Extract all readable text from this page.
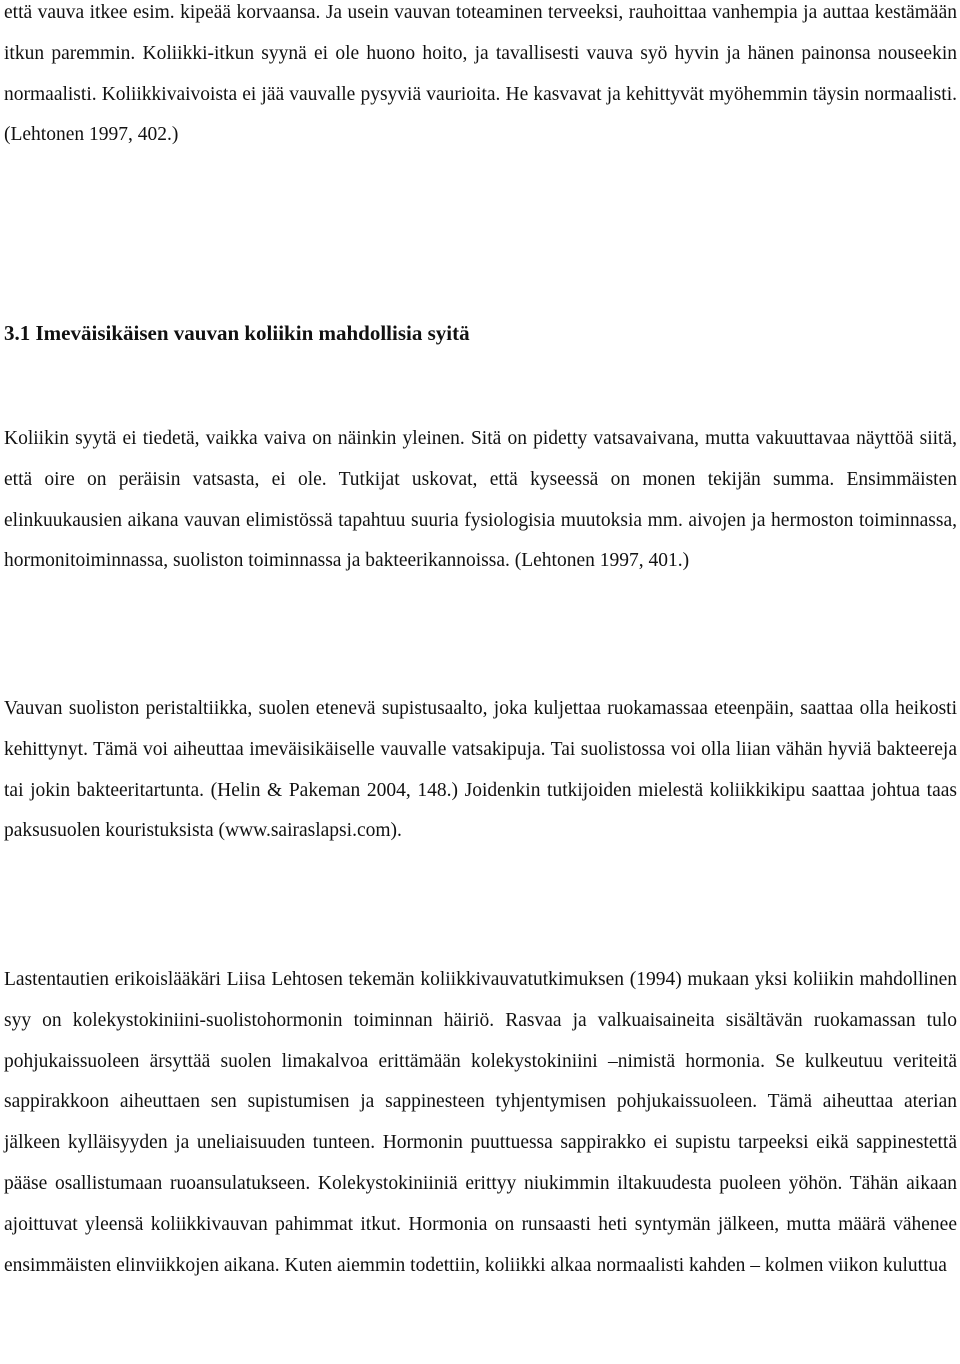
että vauva itkee esim. kipeää korvaansa. Ja usein vauvan toteaminen terveeksi, rauhoittaa vanhempia ja auttaa kestämään itkun paremmin. Koliikki-itkun syynä ei ole huono hoito, ja tavallisesti vauva syö hyvin ja hänen painonsa nouseekin normaalisti. Koliikkivaivoista ei jää vauvalle pysyviä vaurioita. He kasvavat ja kehittyvät myöhemmin täysin normaalisti. (Lehtonen 1997, 402.)

3.1 Imeväisikäisen vauvan koliikin mahdollisia syitä

Koliikin syytä ei tiedetä, vaikka vaiva on näinkin yleinen. Sitä on pidetty vatsavaivana, mutta vakuuttavaa näyttöä siitä, että oire on peräisin vatsasta, ei ole. Tutkijat uskovat, että kyseessä on monen tekijän summa. Ensimmäisten elinkuukausien aikana vauvan elimistössä tapahtuu suuria fysiologisia muutoksia mm. aivojen ja hermoston toiminnassa, hormonitoiminnassa, suoliston toiminnassa ja bakteerikannoissa. (Lehtonen 1997, 401.)

Vauvan suoliston peristaltiikka, suolen etenevä supistusaalto, joka kuljettaa ruokamassaa eteenpäin, saattaa olla heikosti kehittynyt. Tämä voi aiheuttaa imeväisikäiselle vauvalle vatsakipuja. Tai suolistossa voi olla liian vähän hyviä bakteereja tai jokin bakteeritartunta. (Helin & Pakeman 2004, 148.) Joidenkin tutkijoiden mielestä koliikkikipu saattaa johtua taas paksusuolen kouristuksista (www.sairaslapsi.com).

Lastentautien erikoislääkäri Liisa Lehtosen tekemän koliikkivauvatutkimuksen (1994) mukaan yksi koliikin mahdollinen syy on kolekystokiniini-suolistohormonin toiminnan häiriö. Rasvaa ja valkuaisaineita sisältävän ruokamassan tulo pohjukaissuoleen ärsyttää suolen limakalvoa erittämään kolekystokiniini –nimistä hormonia. Se kulkeutuu veriteitä sappirakkoon aiheuttaen sen supistumisen ja sappinesteen tyhjentymisen pohjukaissuoleen. Tämä aiheuttaa aterian jälkeen kylläisyyden ja uneliaisuuden tunteen. Hormonin puuttuessa sappirakko ei supistu tarpeeksi eikä sappinestettä pääse osallistumaan ruoansulatukseen. Kolekystokiniiniä erittyy niukimmin iltakuudesta puoleen yöhön. Tähän aikaan ajoittuvat yleensä koliikkivauvan pahimmat itkut. Hormonia on runsaasti heti syntymän jälkeen, mutta määrä vähenee ensimmäisten elinviikkojen aikana. Kuten aiemmin todettiin, koliikki alkaa normaalisti kahden – kolmen viikon kuluttua
